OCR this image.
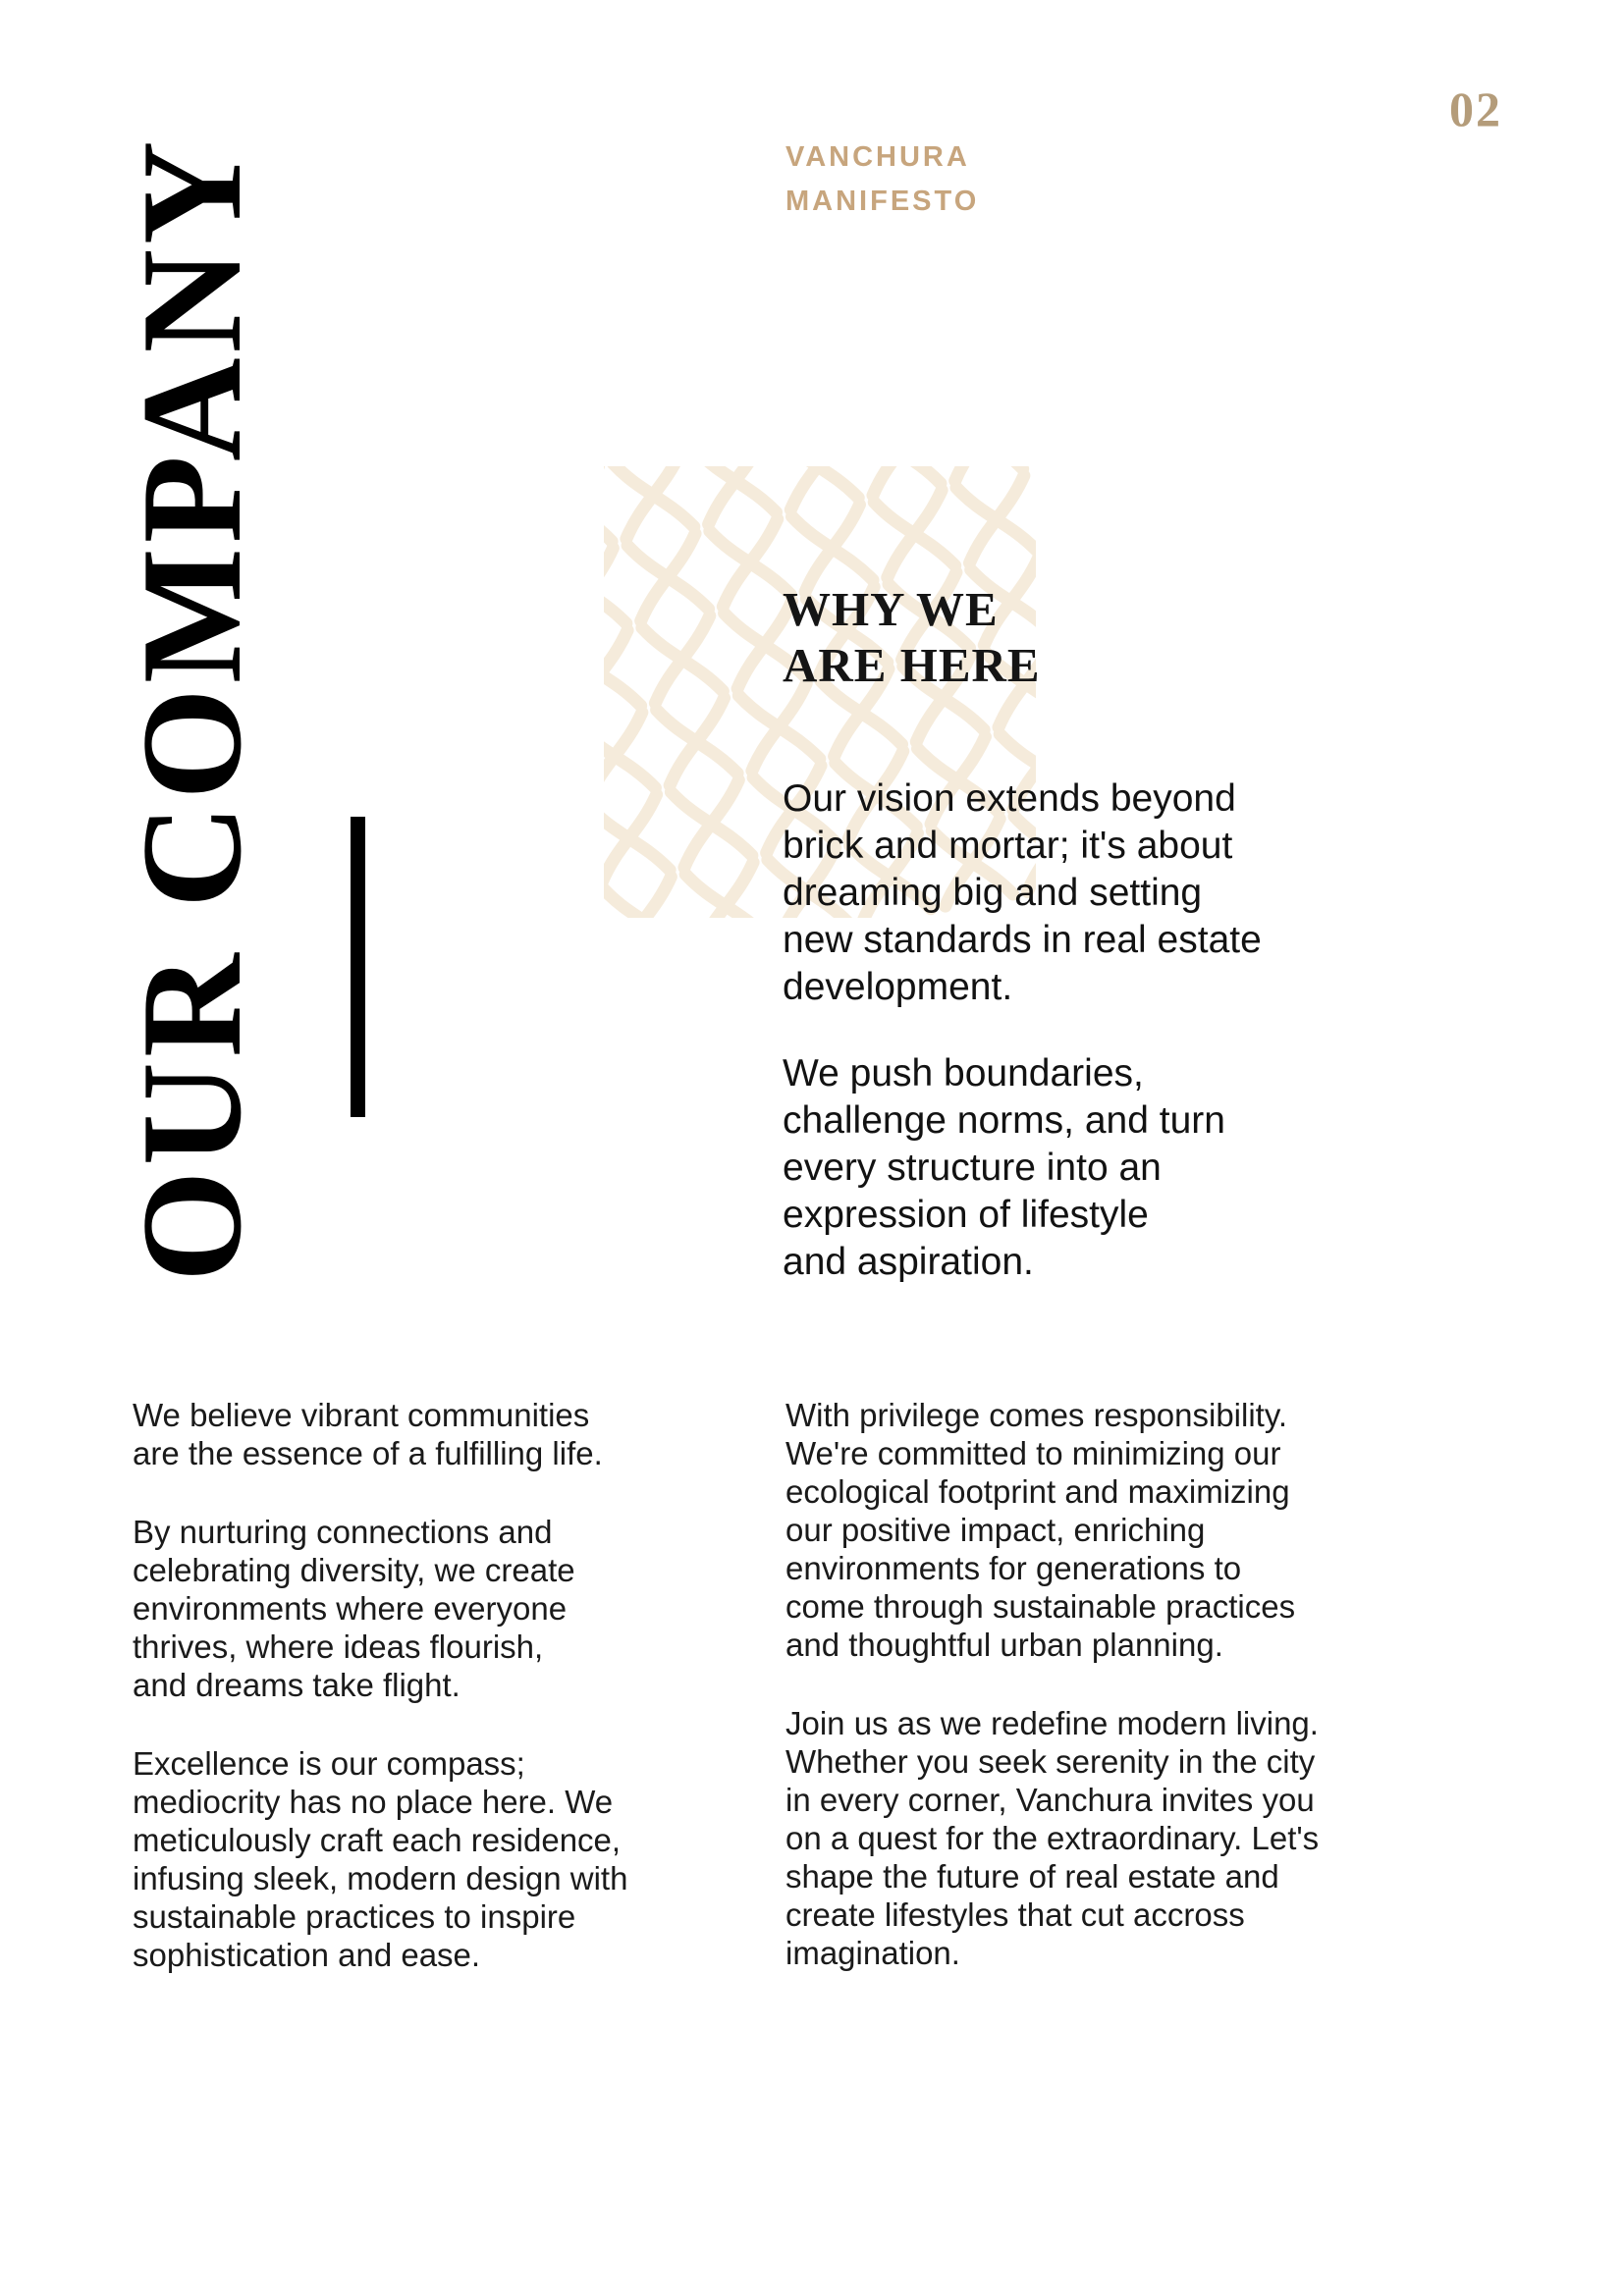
02
VANCHURA
MANIFESTO
OUR COMPANY	WHY WE
ARE HERE

Our vision extends beyond
brick and mortar; it's about
dreaming big and setting
new standards in real estate
development.

We push boundaries,
challenge norms, and turn
every structure into an
expression of lifestyle
and aspiration.

We believe vibrant communities
are the essence of a fulfilling life.

By nurturing connections and
celebrating diversity, we create
environments where everyone
thrives, where ideas flourish,
and dreams take flight.

Excellence is our compass;
mediocrity has no place here. We
meticulously craft each residence,
infusing sleek, modern design with
sustainable practices to inspire
sophistication and ease.

With privilege comes responsibility.
We're committed to minimizing our
ecological footprint and maximizing
our positive impact, enriching
environments for generations to
come through sustainable practices
and thoughtful urban planning.

Join us as we redefine modern living.
Whether you seek serenity in the city
in every corner, Vanchura invites you
on a quest for the extraordinary. Let's
shape the future of real estate and
create lifestyles that cut accross
imagination.
